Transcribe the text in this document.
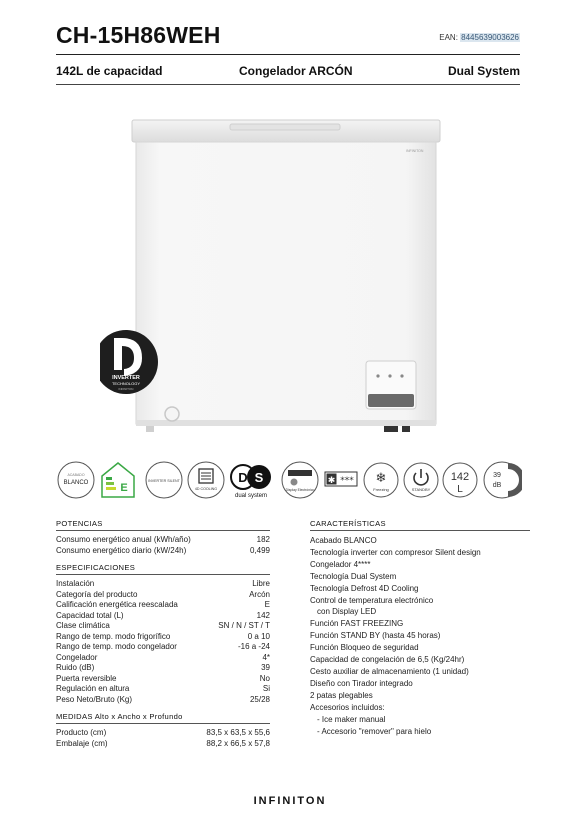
CH-15H86WEH	EAN: 8445639003626
142L de capacidad	Congelador ARCÓN	Dual System
INFINITON
INVERTER
TECHNOLOGY
INFINITON
ACABADO
BLANCO	E
INVERTER SILENT
4D COOLING
D S
dual system
Display Electrónico
✱ *** ❄
Freezing	STANDBY
142
L
39
dB
POTENCIAS
Consumo energético anual (kWh/año)	182
Consumo energético diario (kW/24h)	0,499
ESPECIFICACIONES
Instalación	Libre
Categoría del producto	Arcón
Calificación energética reescalada	E
Capacidad total (L)	142
Clase climática	SN / N / ST / T
Rango de temp. modo frigorífico	0 a 10
Rango de temp. modo congelador	-16 a -24
Congelador	4*
Ruido (dB)	39
Puerta reversible	No
Regulación en altura	Si
Peso Neto/Bruto (Kg)	25/28
MEDIDAS Alto x Ancho x Profundo
Producto (cm)	83,5 x 63,5 x 55,6
Embalaje (cm)	88,2 x 66,5 x 57,8
CARACTERÍSTICAS
Acabado BLANCO
Tecnología inverter con compresor Silent design
Congelador 4****
Tecnología Dual System
Tecnología Defrost 4D Cooling
Control de temperatura electrónico
con Display LED
Función FAST FREEZING
Función STAND BY (hasta 45 horas)
Función Bloqueo de seguridad
Capacidad de congelación de 6,5 (Kg/24hr)
Cesto auxiliar de almacenamiento (1 unidad)
Diseño con Tirador integrado
2 patas plegables
Accesorios incluidos:
- Ice maker manual
- Accesorio "remover" para hielo
INFINITON
